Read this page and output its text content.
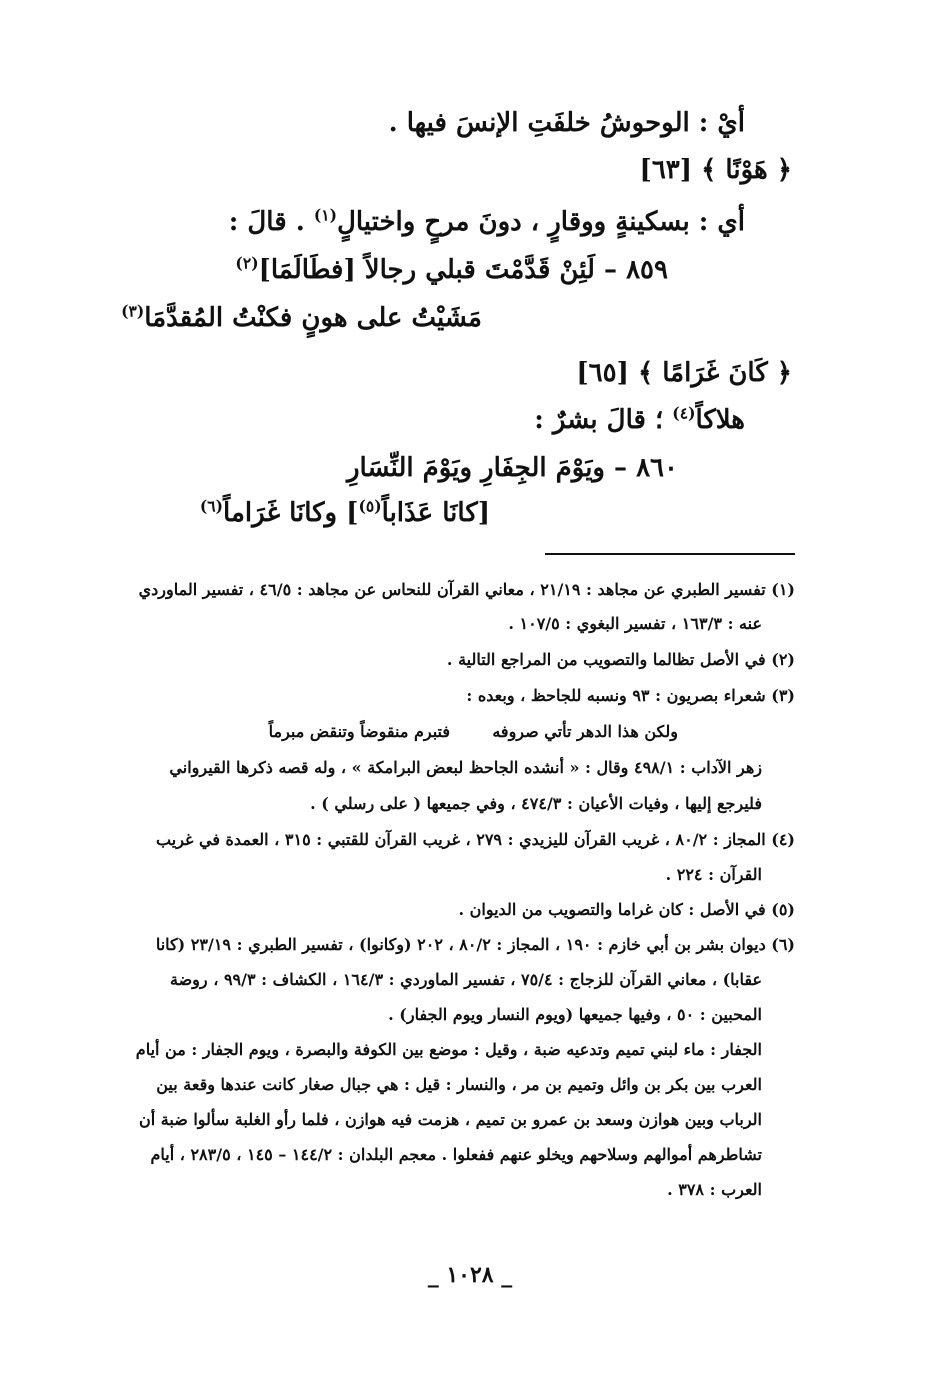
أيْ : الوحوشُ خلفَتِ الإنسَ فيها .
﴿ هَوْنًا ﴾ [٦٣]
أي : بسكينةٍ ووقارٍ ، دونَ مرحٍ واختيالٍ$^{(١)}$ . قالَ :
٨٥٩ – لَئِنْ قَدَّمْتَ قبلي رجالاً [فطَالَمَا]$^{(٢)}$
مَشَيْتُ على هونٍ فكنْتُ المُقدَّمَا$^{(٣)}$
﴿ كَانَ غَرَامًا ﴾ [٦٥]
هلاكاً$^{(٤)}$ ؛ قالَ بشرٌ :
٨٦٠ – ويَوْمَ الجِفَارِ ويَوْمَ النِّسَارِ
[كانَا عَذَاباً$^{(٥)}$] وكانَا غَرَاماً$^{(٦)}$
(١) تفسير الطبري عن مجاهد : ٢١/١٩ ، معاني القرآن للنحاس عن مجاهد : ٤٦/٥ ، تفسير الماوردي
عنه : ١٦٣/٣ ، تفسير البغوي : ١٠٧/٥ .
(٢) في الأصل تظالما والتصويب من المراجع التالية .
(٣) شعراء بصريون : ٩٣ ونسبه للجاحظ ، وبعده :
ولكن هذا الدهر تأتي صروفه
فتبرم منقوضاً وتنقض مبرماً
زهر الآداب : ٤٩٨/١ وقال : « أنشده الجاحظ لبعض البرامكة » ، وله قصه ذكرها القيرواني
فليرجع إليها ، وفيات الأعيان : ٤٧٤/٣ ، وفي جميعها ( على رسلي ) .
(٤) المجاز : ٨٠/٢ ، غريب القرآن لليزيدي : ٢٧٩ ، غريب القرآن للقتبي : ٣١٥ ، العمدة في غريب
القرآن : ٢٢٤ .
(٥) في الأصل : كان غراما والتصويب من الديوان .
(٦) ديوان بشر بن أبي خازم : ١٩٠ ، المجاز : ٨٠/٢ ، ٢٠٢ (وكانوا) ، تفسير الطبري : ٢٣/١٩ (كانا
عقابا) ، معاني القرآن للزجاج : ٧٥/٤ ، تفسير الماوردي : ١٦٤/٣ ، الكشاف : ٩٩/٣ ، روضة
المحبين : ٥٠ ، وفيها جميعها (ويوم النسار ويوم الجفار) .
الجفار : ماء لبني تميم وتدعيه ضبة ، وقيل : موضع بين الكوفة والبصرة ، ويوم الجفار : من أيام
العرب بين بكر بن وائل وتميم بن مر ، والنسار : قيل : هي جبال صغار كانت عندها وقعة بين
الرباب وبين هوازن وسعد بن عمرو بن تميم ، هزمت فيه هوازن ، فلما رأو الغلبة سألوا ضبة أن
تشاطرهم أموالهم وسلاحهم ويخلو عنهم ففعلوا . معجم البلدان : ١٤٤/٢ – ١٤٥ ، ٢٨٣/٥ ، أيام
العرب : ٣٧٨ .
_ ١٠٢٨ _
